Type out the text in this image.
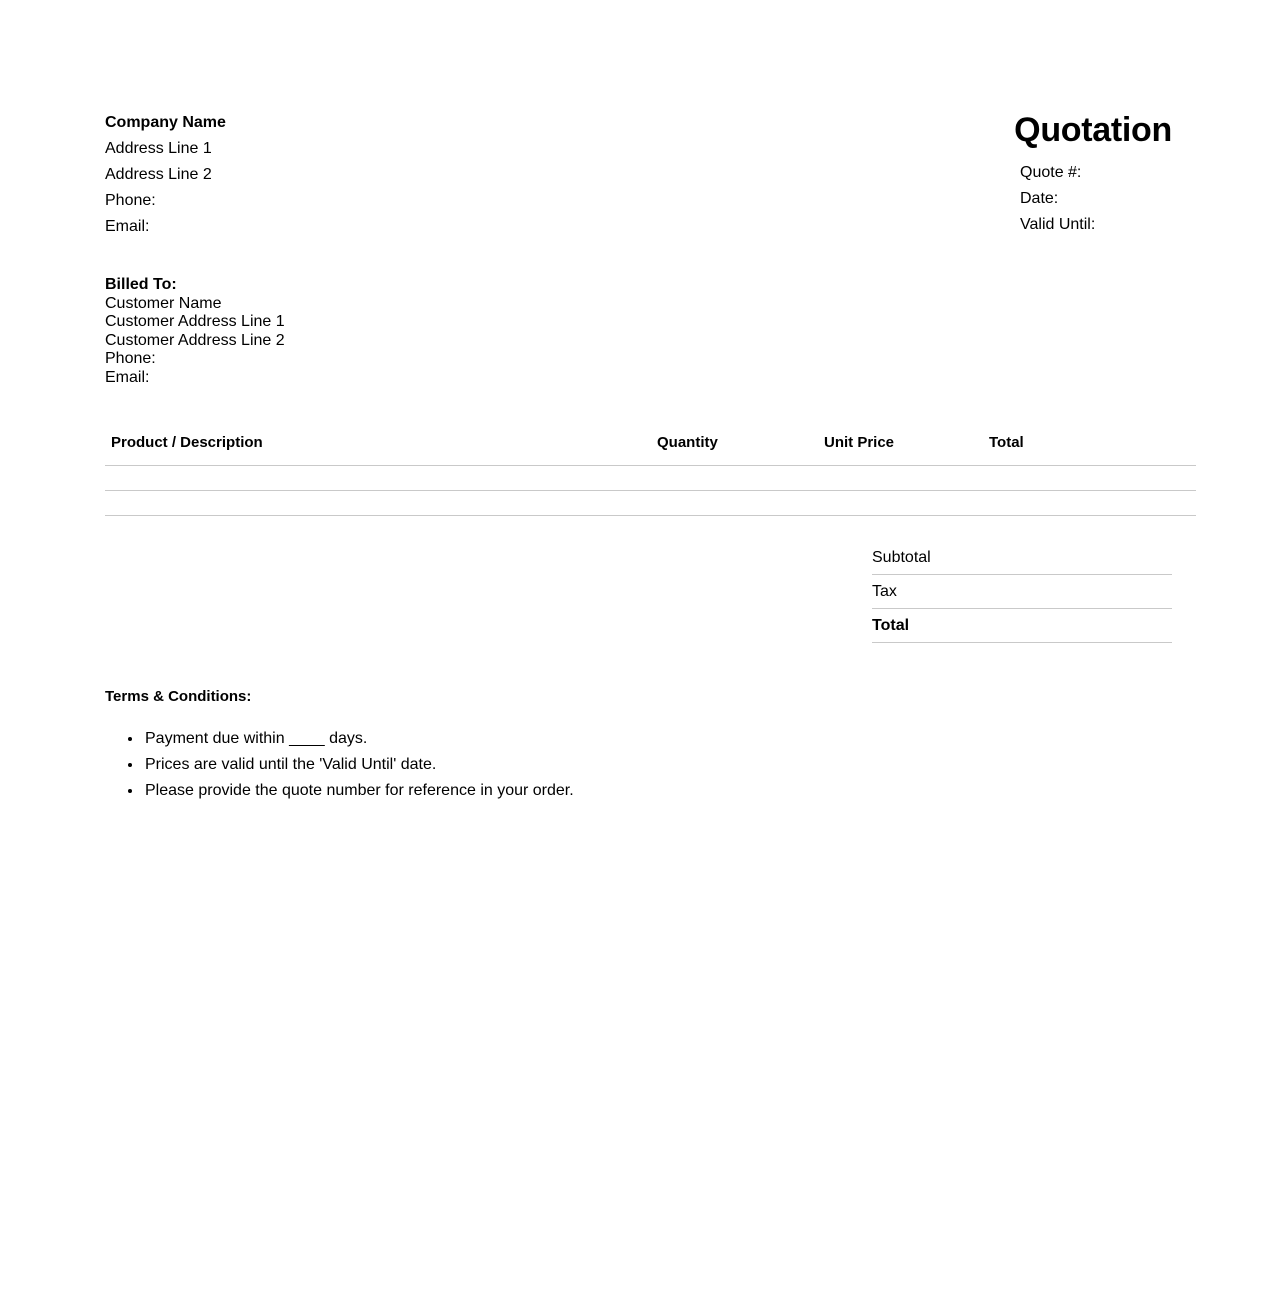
Company Name
Address Line 1
Address Line 2
Phone:
Email:
Quotation
Quote #:
Date:
Valid Until:
Billed To:
Customer Name
Customer Address Line 1
Customer Address Line 2
Phone:
Email:
Product / Description	Quantity	Unit Price	Total

Subtotal	
Tax	
Total	
Terms & Conditions:
• Payment due within ____ days.
• Prices are valid until the 'Valid Until' date.
• Please provide the quote number for reference in your order.
